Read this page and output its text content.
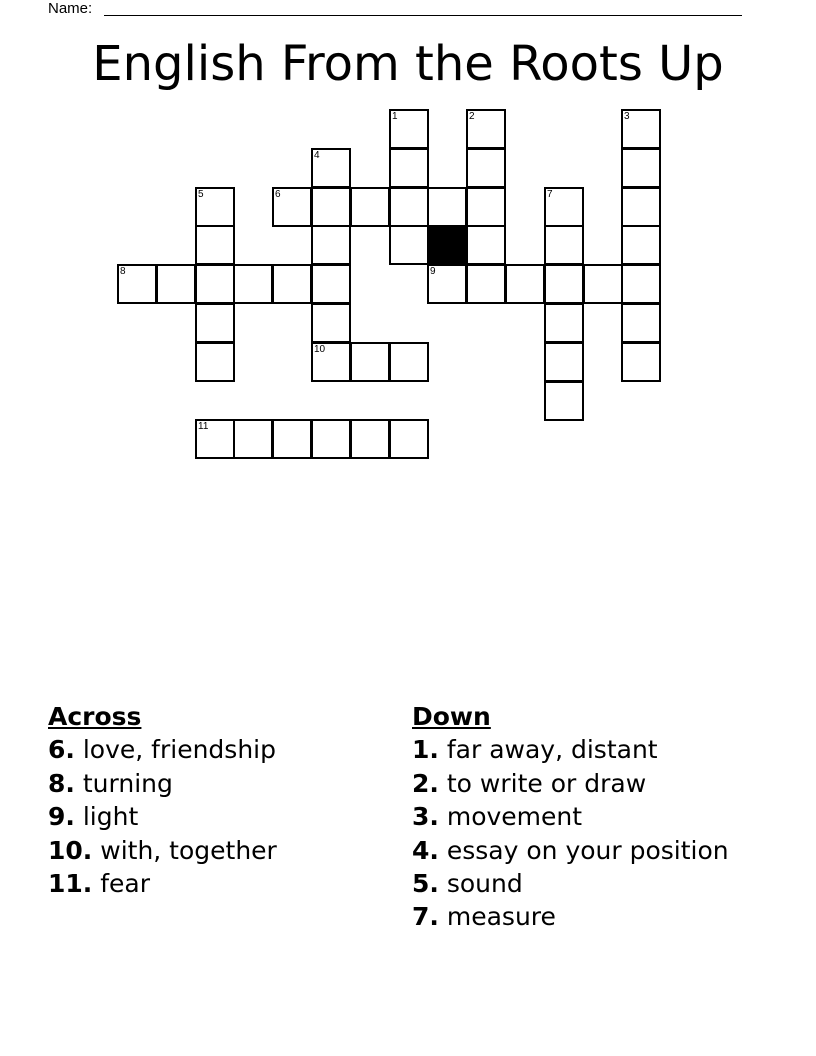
Name:
English From the Roots Up
1	2	3
4
5	6	7
8	9
10
11
Across
6. love, friendship
8. turning
9. light
10. with, together
11. fear
Down
1. far away, distant
2. to write or draw
3. movement
4. essay on your position
5. sound
7. measure
